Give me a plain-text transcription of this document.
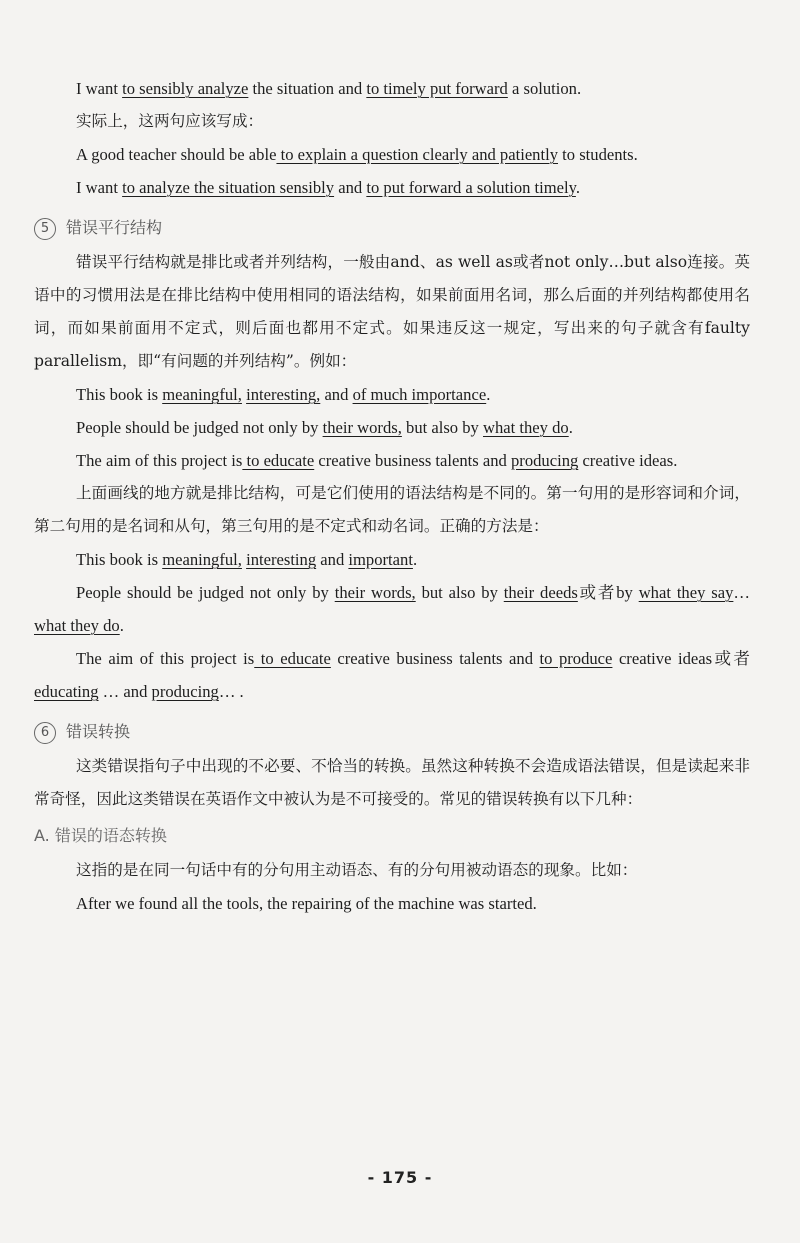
I want to sensibly analyze the situation and to timely put forward a solution.

实际上，这两句应该写成：

A good teacher should be able to explain a question clearly and patiently to students.

I want to analyze the situation sensibly and to put forward a solution timely.

5 错误平行结构

错误平行结构就是排比或者并列结构，一般由and、as well as或者not only…but also连接。英语中的习惯用法是在排比结构中使用相同的语法结构，如果前面用名词，那么后面的并列结构都使用名词，而如果前面用不定式，则后面也都用不定式。如果违反这一规定，写出来的句子就含有faulty parallelism，即“有问题的并列结构”。例如：

This book is meaningful, interesting, and of much importance.

People should be judged not only by their words, but also by what they do.

The aim of this project is to educate creative business talents and producing creative ideas.

上面画线的地方就是排比结构，可是它们使用的语法结构是不同的。第一句用的是形容词和介词，第二句用的是名词和从句，第三句用的是不定式和动名词。正确的方法是：

This book is meaningful, interesting and important.

People should be judged not only by their words, but also by their deeds或者by what they say… what they do.

The aim of this project is to educate creative business talents and to produce creative ideas或者educating … and producing… .

6 错误转换

这类错误指句子中出现的不必要、不恰当的转换。虽然这种转换不会造成语法错误，但是读起来非常奇怪，因此这类错误在英语作文中被认为是不可接受的。常见的错误转换有以下几种：

A. 错误的语态转换

这指的是在同一句话中有的分句用主动语态、有的分句用被动语态的现象。比如：

After we found all the tools, the repairing of the machine was started.

- 175 -
